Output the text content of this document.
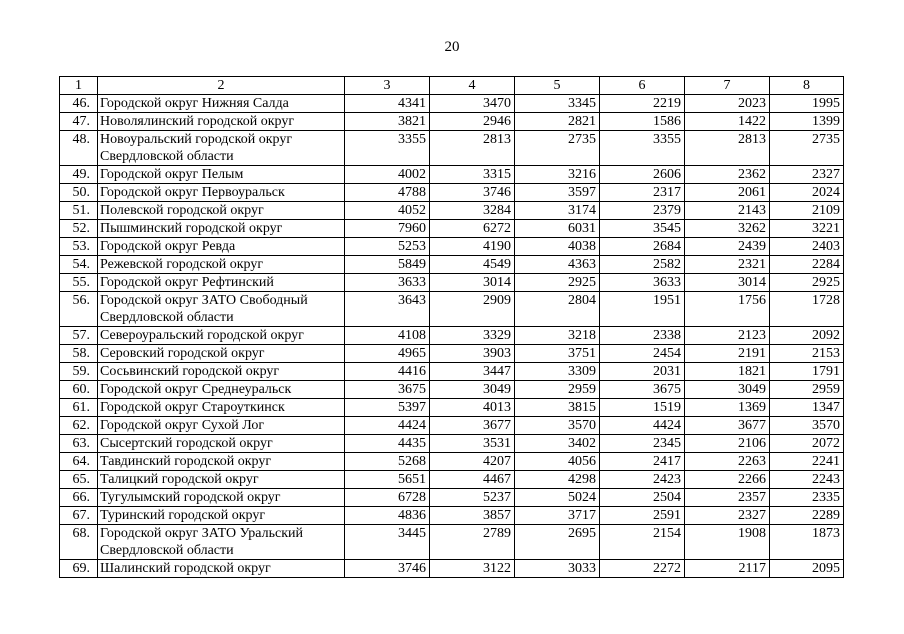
20
1	2	3	4	5	6	7	8
46.	Городской округ Нижняя Салда	4341	3470	3345	2219	2023	1995
47.	Новолялинский городской округ	3821	2946	2821	1586	1422	1399
48.	Новоуральский городской округ Свердловской области	3355	2813	2735	3355	2813	2735
49.	Городской округ Пелым	4002	3315	3216	2606	2362	2327
50.	Городской округ Первоуральск	4788	3746	3597	2317	2061	2024
51.	Полевской городской округ	4052	3284	3174	2379	2143	2109
52.	Пышминский городской округ	7960	6272	6031	3545	3262	3221
53.	Городской округ Ревда	5253	4190	4038	2684	2439	2403
54.	Режевской городской округ	5849	4549	4363	2582	2321	2284
55.	Городской округ Рефтинский	3633	3014	2925	3633	3014	2925
56.	Городской округ ЗАТО Свободный Свердловской области	3643	2909	2804	1951	1756	1728
57.	Североуральский городской округ	4108	3329	3218	2338	2123	2092
58.	Серовский городской округ	4965	3903	3751	2454	2191	2153
59.	Сосьвинский городской округ	4416	3447	3309	2031	1821	1791
60.	Городской округ Среднеуральск	3675	3049	2959	3675	3049	2959
61.	Городской округ Староуткинск	5397	4013	3815	1519	1369	1347
62.	Городской округ Сухой Лог	4424	3677	3570	4424	3677	3570
63.	Сысертский городской округ	4435	3531	3402	2345	2106	2072
64.	Тавдинский городской округ	5268	4207	4056	2417	2263	2241
65.	Талицкий городской округ	5651	4467	4298	2423	2266	2243
66.	Тугулымский городской округ	6728	5237	5024	2504	2357	2335
67.	Туринский городской округ	4836	3857	3717	2591	2327	2289
68.	Городской округ ЗАТО Уральский Свердловской области	3445	2789	2695	2154	1908	1873
69.	Шалинский городской округ	3746	3122	3033	2272	2117	2095
